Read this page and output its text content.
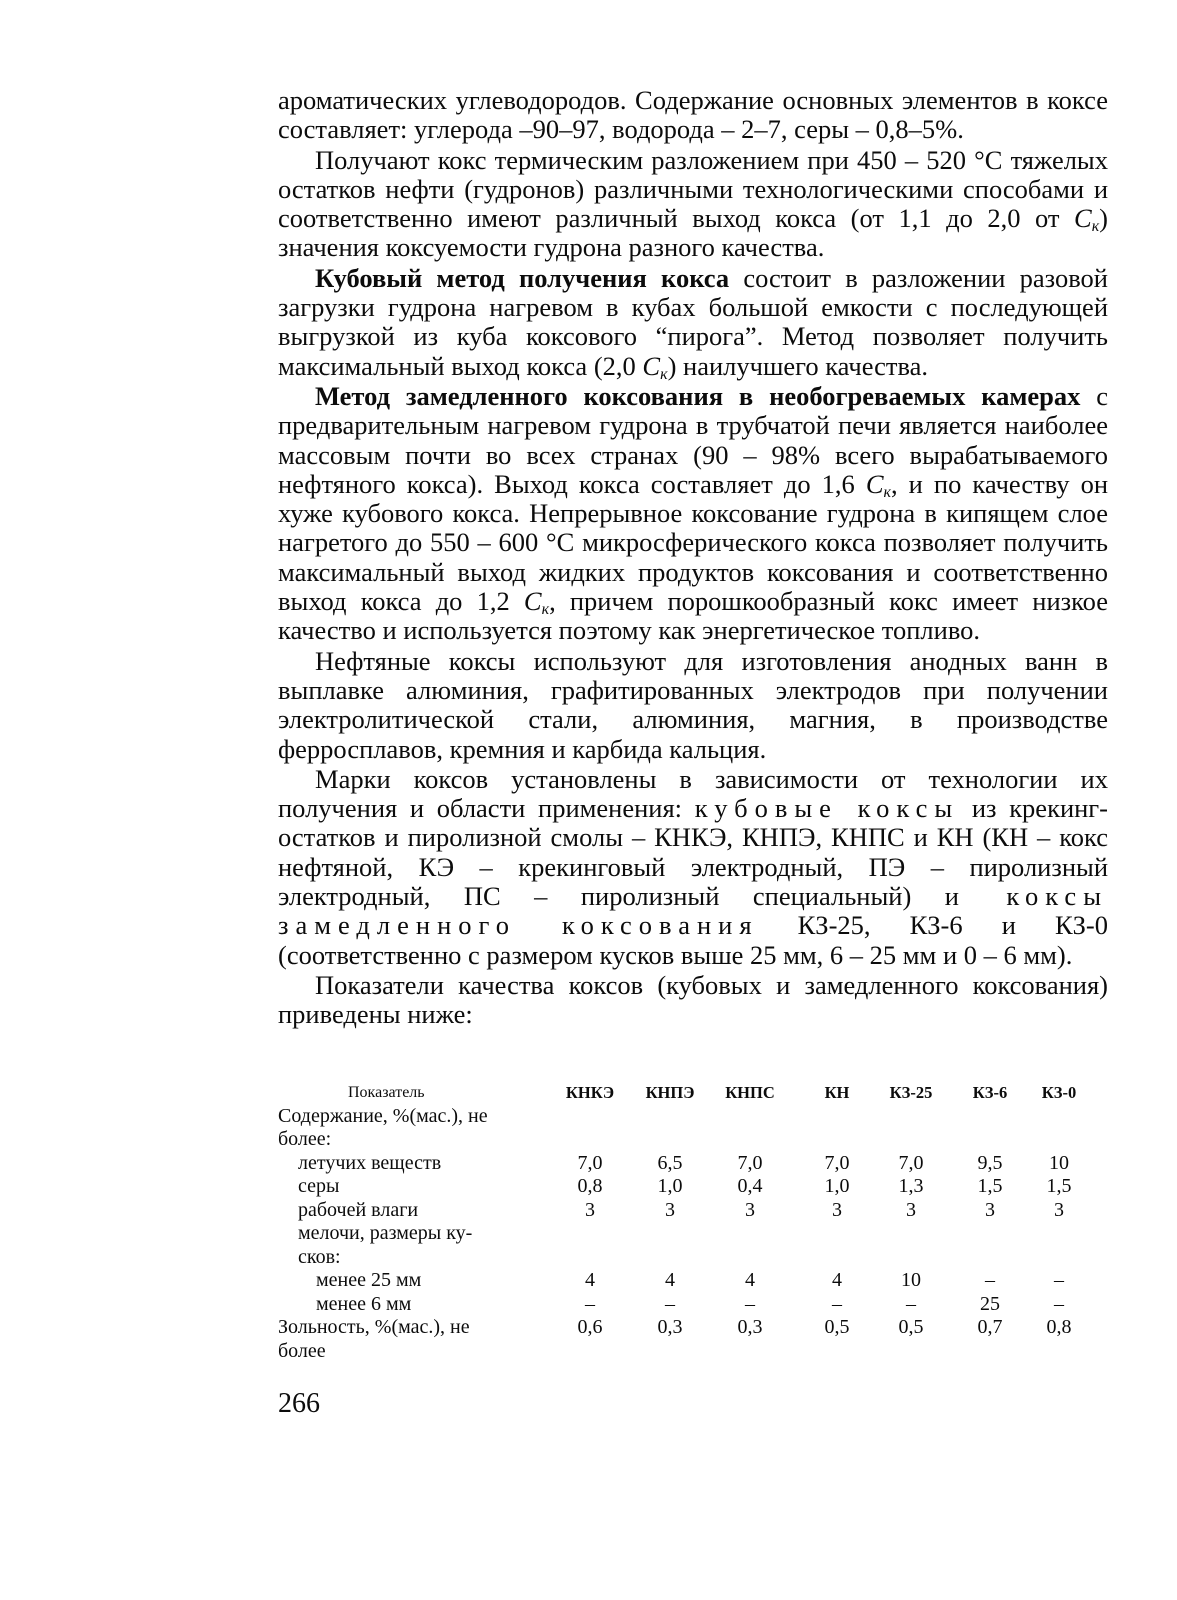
ароматических углеводородов. Содержание основных элементов в коксе составляет: углерода –90–97, водорода – 2–7, серы – 0,8–5%.

Получают кокс термическим разложением при 450 – 520 °С тяжелых остатков нефти (гудронов) различными технологическими способами и соответственно имеют различный выход кокса (от 1,1 до 2,0 от $С_к$) значения коксуемости гудрона разного качества.

Кубовый метод получения кокса состоит в разложении разовой загрузки гудрона нагревом в кубах большой емкости с последующей выгрузкой из куба коксового “пирога”. Метод позволяет получить максимальный выход кокса (2,0 $С_к$) наилучшего качества.

Метод замедленного коксования в необогреваемых камерах с предварительным нагревом гудрона в трубчатой печи является наиболее массовым почти во всех странах (90 – 98% всего вырабатываемого нефтяного кокса). Выход кокса составляет до 1,6 $С_к$, и по качеству он хуже кубового кокса. Непрерывное коксование гудрона в кипящем слое нагретого до 550 – 600 °С микросферического кокса позволяет получить максимальный выход жидких продуктов коксования и соответственно выход кокса до 1,2 $С_к$, причем порошкообразный кокс имеет низкое качество и используется поэтому как энергетическое топливо.

Нефтяные коксы используют для изготовления анодных ванн в выплавке алюминия, графитированных электродов при получении электролитической стали, алюминия, магния, в производстве ферросплавов, кремния и карбида кальция.

Марки коксов установлены в зависимости от технологии их получения и области применения: кубовые коксы из крекинг-остатков и пиролизной смолы – КНКЭ, КНПЭ, КНПС и КН (КН – кокс нефтяной, КЭ – крекинговый электродный, ПЭ – пиролизный электродный, ПС – пиролизный специальный) и коксы замедленного коксования КЗ-25, КЗ-6 и КЗ-0 (соответственно с размером кусков выше 25 мм, 6 – 25 мм и 0 – 6 мм).

Показатели качества коксов (кубовых и замедленного коксования) приведены ниже:

Показатель	КНКЭ	КНПЭ	КНПС	КН	КЗ-25	КЗ-6	КЗ-0
Содержание, %(мас.), не
более:
летучих веществ	7,0	6,5	7,0	7,0	7,0	9,5	10
серы	0,8	1,0	0,4	1,0	1,3	1,5	1,5
рабочей влаги	3	3	3	3	3	3	3
мелочи, размеры ку-
сков:
менее 25 мм	4	4	4	4	10	–	–
менее 6 мм	–	–	–	–	–	25	–
Зольность, %(мас.), не	0,6	0,3	0,3	0,5	0,5	0,7	0,8
более
266
